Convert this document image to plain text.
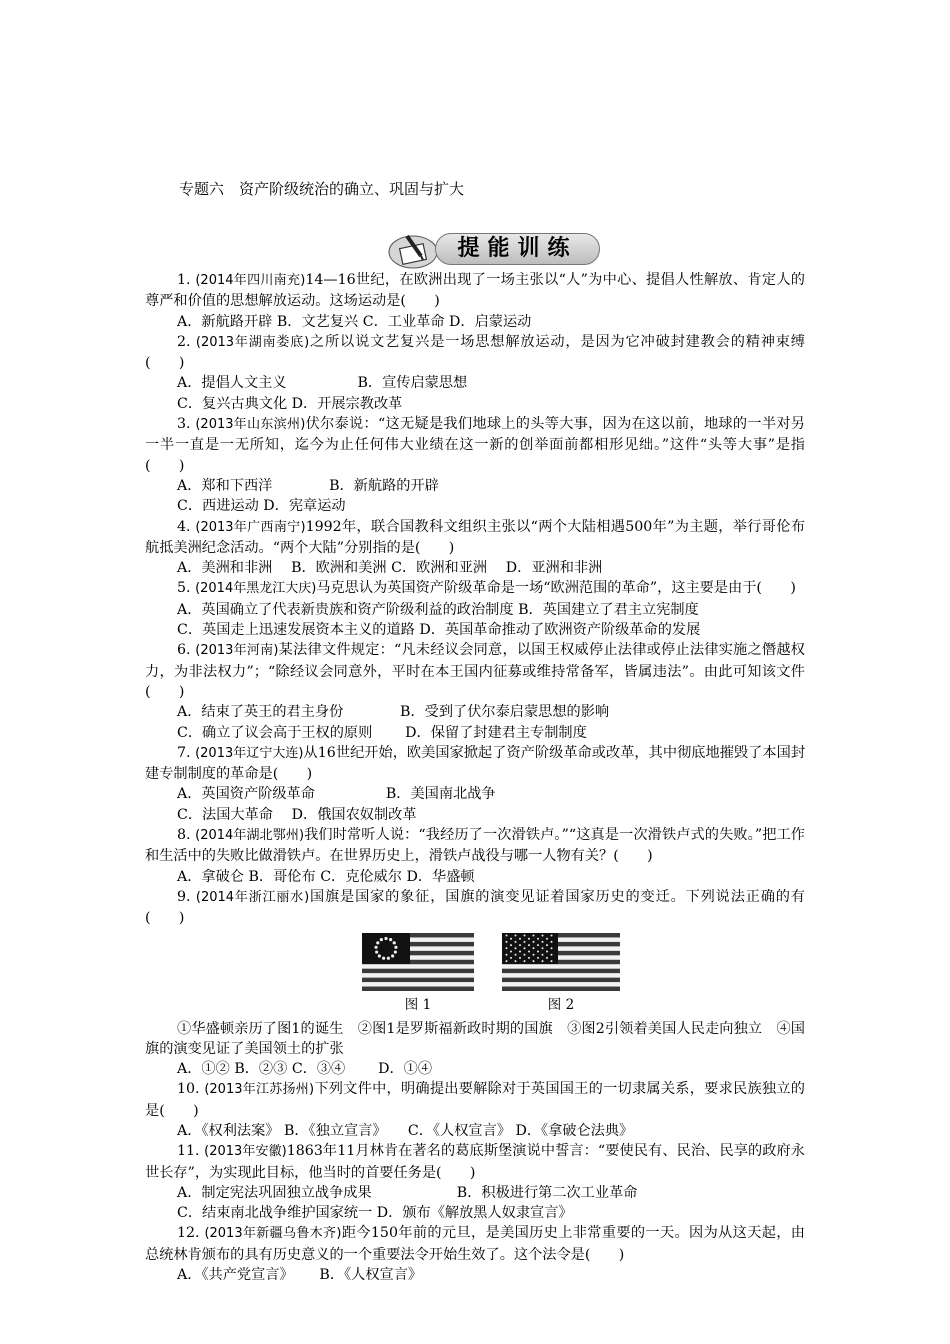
专题六　资产阶级统治的确立、巩固与扩大
提能训练

1. (2014年四川南充)14—16世纪，在欧洲出现了一场主张以“人”为中心、提倡人性解放、肯定人的尊严和价值的思想解放运动。这场运动是(　　)

A．新航路开辟 B．文艺复兴 C．工业革命 D．启蒙运动

2. (2013年湖南娄底)之所以说文艺复兴是一场思想解放运动，是因为它冲破封建教会的精神束缚(　　)

A．提倡人文主义　　　　　B．宣传启蒙思想

C．复兴古典文化 D．开展宗教改革

3. (2013年山东滨州)伏尔泰说：“这无疑是我们地球上的头等大事，因为在这以前，地球的一半对另一半一直是一无所知，迄今为止任何伟大业绩在这一新的创举面前都相形见绌。”这件“头等大事”是指(　　)

A．郑和下西洋　　　　B．新航路的开辟

C．西进运动 D．宪章运动

4. (2013年广西南宁)1992年，联合国教科文组织主张以“两个大陆相遇500年”为主题，举行哥伦布航抵美洲纪念活动。“两个大陆”分别指的是(　　)

A．美洲和非洲　 B．欧洲和美洲 C．欧洲和亚洲　 D．亚洲和非洲

5. (2014年黑龙江大庆)马克思认为英国资产阶级革命是一场“欧洲范围的革命”，这主要是由于(　　)

A．英国确立了代表新贵族和资产阶级利益的政治制度 B．英国建立了君主立宪制度

C．英国走上迅速发展资本主义的道路 D．英国革命推动了欧洲资产阶级革命的发展

6. (2013年河南)某法律文件规定：“凡未经议会同意，以国王权威停止法律或停止法律实施之僭越权力，为非法权力”；“除经议会同意外，平时在本王国内征募或维持常备军，皆属违法”。由此可知该文件(　　)

A．结束了英王的君主身份　　　　B．受到了伏尔泰启蒙思想的影响

C．确立了议会高于王权的原则　　 D．保留了封建君主专制制度

7. (2013年辽宁大连)从16世纪开始，欧美国家掀起了资产阶级革命或改革，其中彻底地摧毁了本国封建专制制度的革命是(　　)

A．英国资产阶级革命　　　　　B．美国南北战争

C．法国大革命　 D．俄国农奴制改革

8. (2014年湖北鄂州)我们时常听人说：“我经历了一次滑铁卢。”“这真是一次滑铁卢式的失败。”把工作和生活中的失败比做滑铁卢。在世界历史上，滑铁卢战役与哪一人物有关？(　　)

A．拿破仑 B．哥伦布 C．克伦威尔 D．华盛顿

9. (2014年浙江丽水)国旗是国家的象征，国旗的演变见证着国家历史的变迁。下列说法正确的有(　　)

图 1	图 2

①华盛顿亲历了图1的诞生　②图1是罗斯福新政时期的国旗　③图2引领着美国人民走向独立　④国旗的演变见证了美国领土的扩张

A．①② B．②③ C．③④　　 D．①④

10. (2013年江苏扬州)下列文件中，明确提出要解除对于英国国王的一切隶属关系，要求民族独立的是(　　)

A．《权利法案》 B．《独立宣言》　　C．《人权宣言》 D．《拿破仑法典》

11. (2013年安徽)1863年11月林肯在著名的葛底斯堡演说中誓言：“要使民有、民治、民享的政府永世长存”，为实现此目标，他当时的首要任务是(　　)

A．制定宪法巩固独立战争成果　　　　　　B．积极进行第二次工业革命

C．结束南北战争维护国家统一 D．颁布《解放黑人奴隶宣言》

12. (2013年新疆乌鲁木齐)距今150年前的元旦，是美国历史上非常重要的一天。因为从这天起，由总统林肯颁布的具有历史意义的一个重要法令开始生效了。这个法令是(　　)

A．《共产党宣言》　　 B．《人权宣言》
